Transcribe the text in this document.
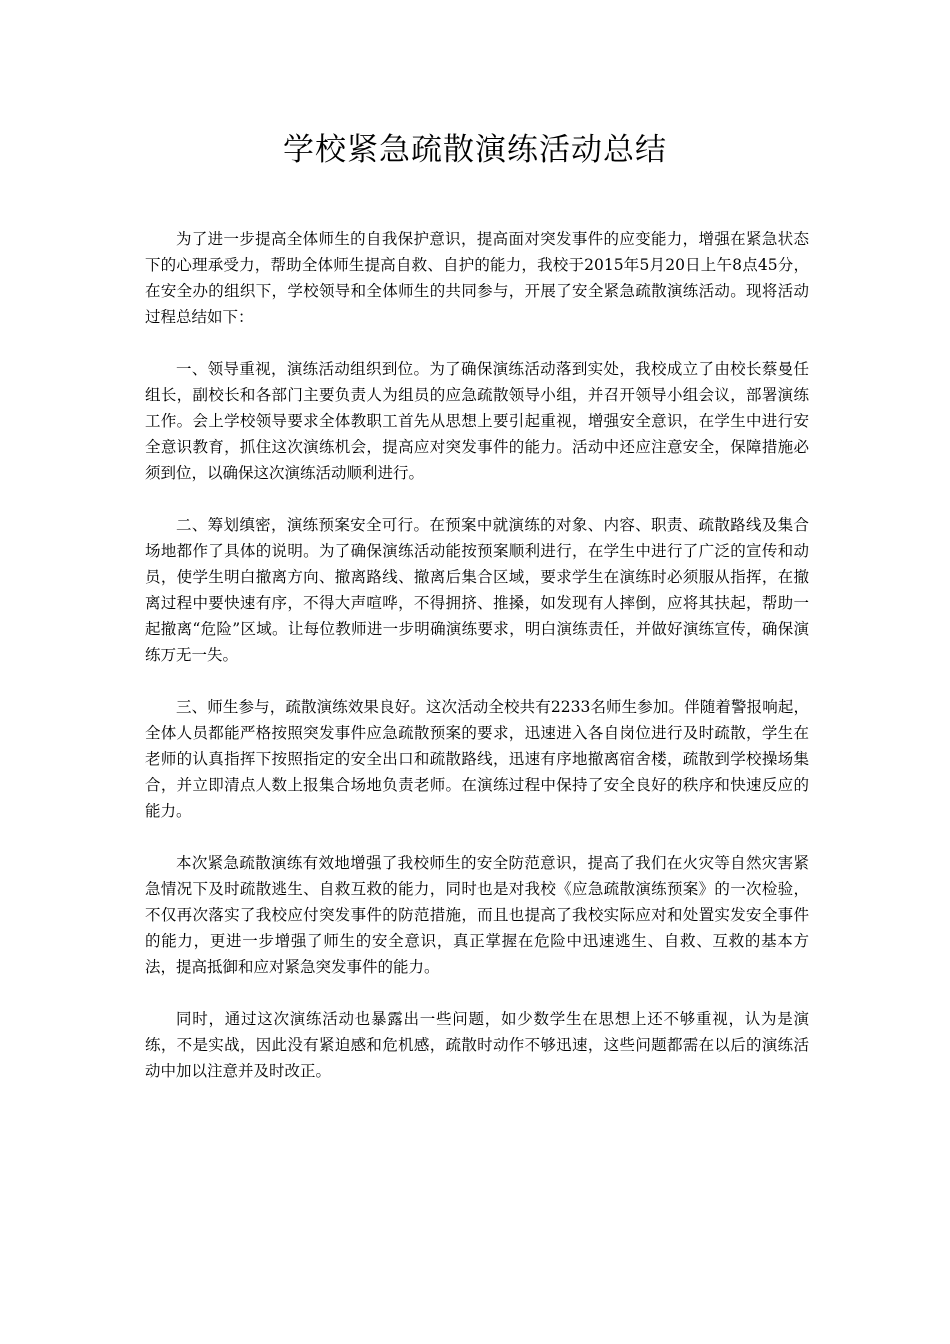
学校紧急疏散演练活动总结

为了进一步提高全体师生的自我保护意识，提高面对突发事件的应变能力，增强在紧急状态下的心理承受力，帮助全体师生提高自救、自护的能力，我校于2015年5月20日上午8点45分，在安全办的组织下，学校领导和全体师生的共同参与，开展了安全紧急疏散演练活动。现将活动过程总结如下：

一、领导重视，演练活动组织到位。为了确保演练活动落到实处，我校成立了由校长蔡曼任组长，副校长和各部门主要负责人为组员的应急疏散领导小组，并召开领导小组会议，部署演练工作。会上学校领导要求全体教职工首先从思想上要引起重视，增强安全意识，在学生中进行安全意识教育，抓住这次演练机会，提高应对突发事件的能力。活动中还应注意安全，保障措施必须到位，以确保这次演练活动顺利进行。

二、筹划缜密，演练预案安全可行。在预案中就演练的对象、内容、职责、疏散路线及集合场地都作了具体的说明。为了确保演练活动能按预案顺利进行，在学生中进行了广泛的宣传和动员，使学生明白撤离方向、撤离路线、撤离后集合区域，要求学生在演练时必须服从指挥，在撤离过程中要快速有序，不得大声喧哗，不得拥挤、推搡，如发现有人摔倒，应将其扶起，帮助一起撤离“危险”区域。让每位教师进一步明确演练要求，明白演练责任，并做好演练宣传，确保演练万无一失。

三、师生参与，疏散演练效果良好。这次活动全校共有2233名师生参加。伴随着警报响起，全体人员都能严格按照突发事件应急疏散预案的要求，迅速进入各自岗位进行及时疏散，学生在老师的认真指挥下按照指定的安全出口和疏散路线，迅速有序地撤离宿舍楼，疏散到学校操场集合，并立即清点人数上报集合场地负责老师。在演练过程中保持了安全良好的秩序和快速反应的能力。

本次紧急疏散演练有效地增强了我校师生的安全防范意识，提高了我们在火灾等自然灾害紧急情况下及时疏散逃生、自救互救的能力，同时也是对我校《应急疏散演练预案》的一次检验，不仅再次落实了我校应付突发事件的防范措施，而且也提高了我校实际应对和处置实发安全事件的能力，更进一步增强了师生的安全意识，真正掌握在危险中迅速逃生、自救、互救的基本方法，提高抵御和应对紧急突发事件的能力。

同时，通过这次演练活动也暴露出一些问题，如少数学生在思想上还不够重视，认为是演练，不是实战，因此没有紧迫感和危机感，疏散时动作不够迅速，这些问题都需在以后的演练活动中加以注意并及时改正。
